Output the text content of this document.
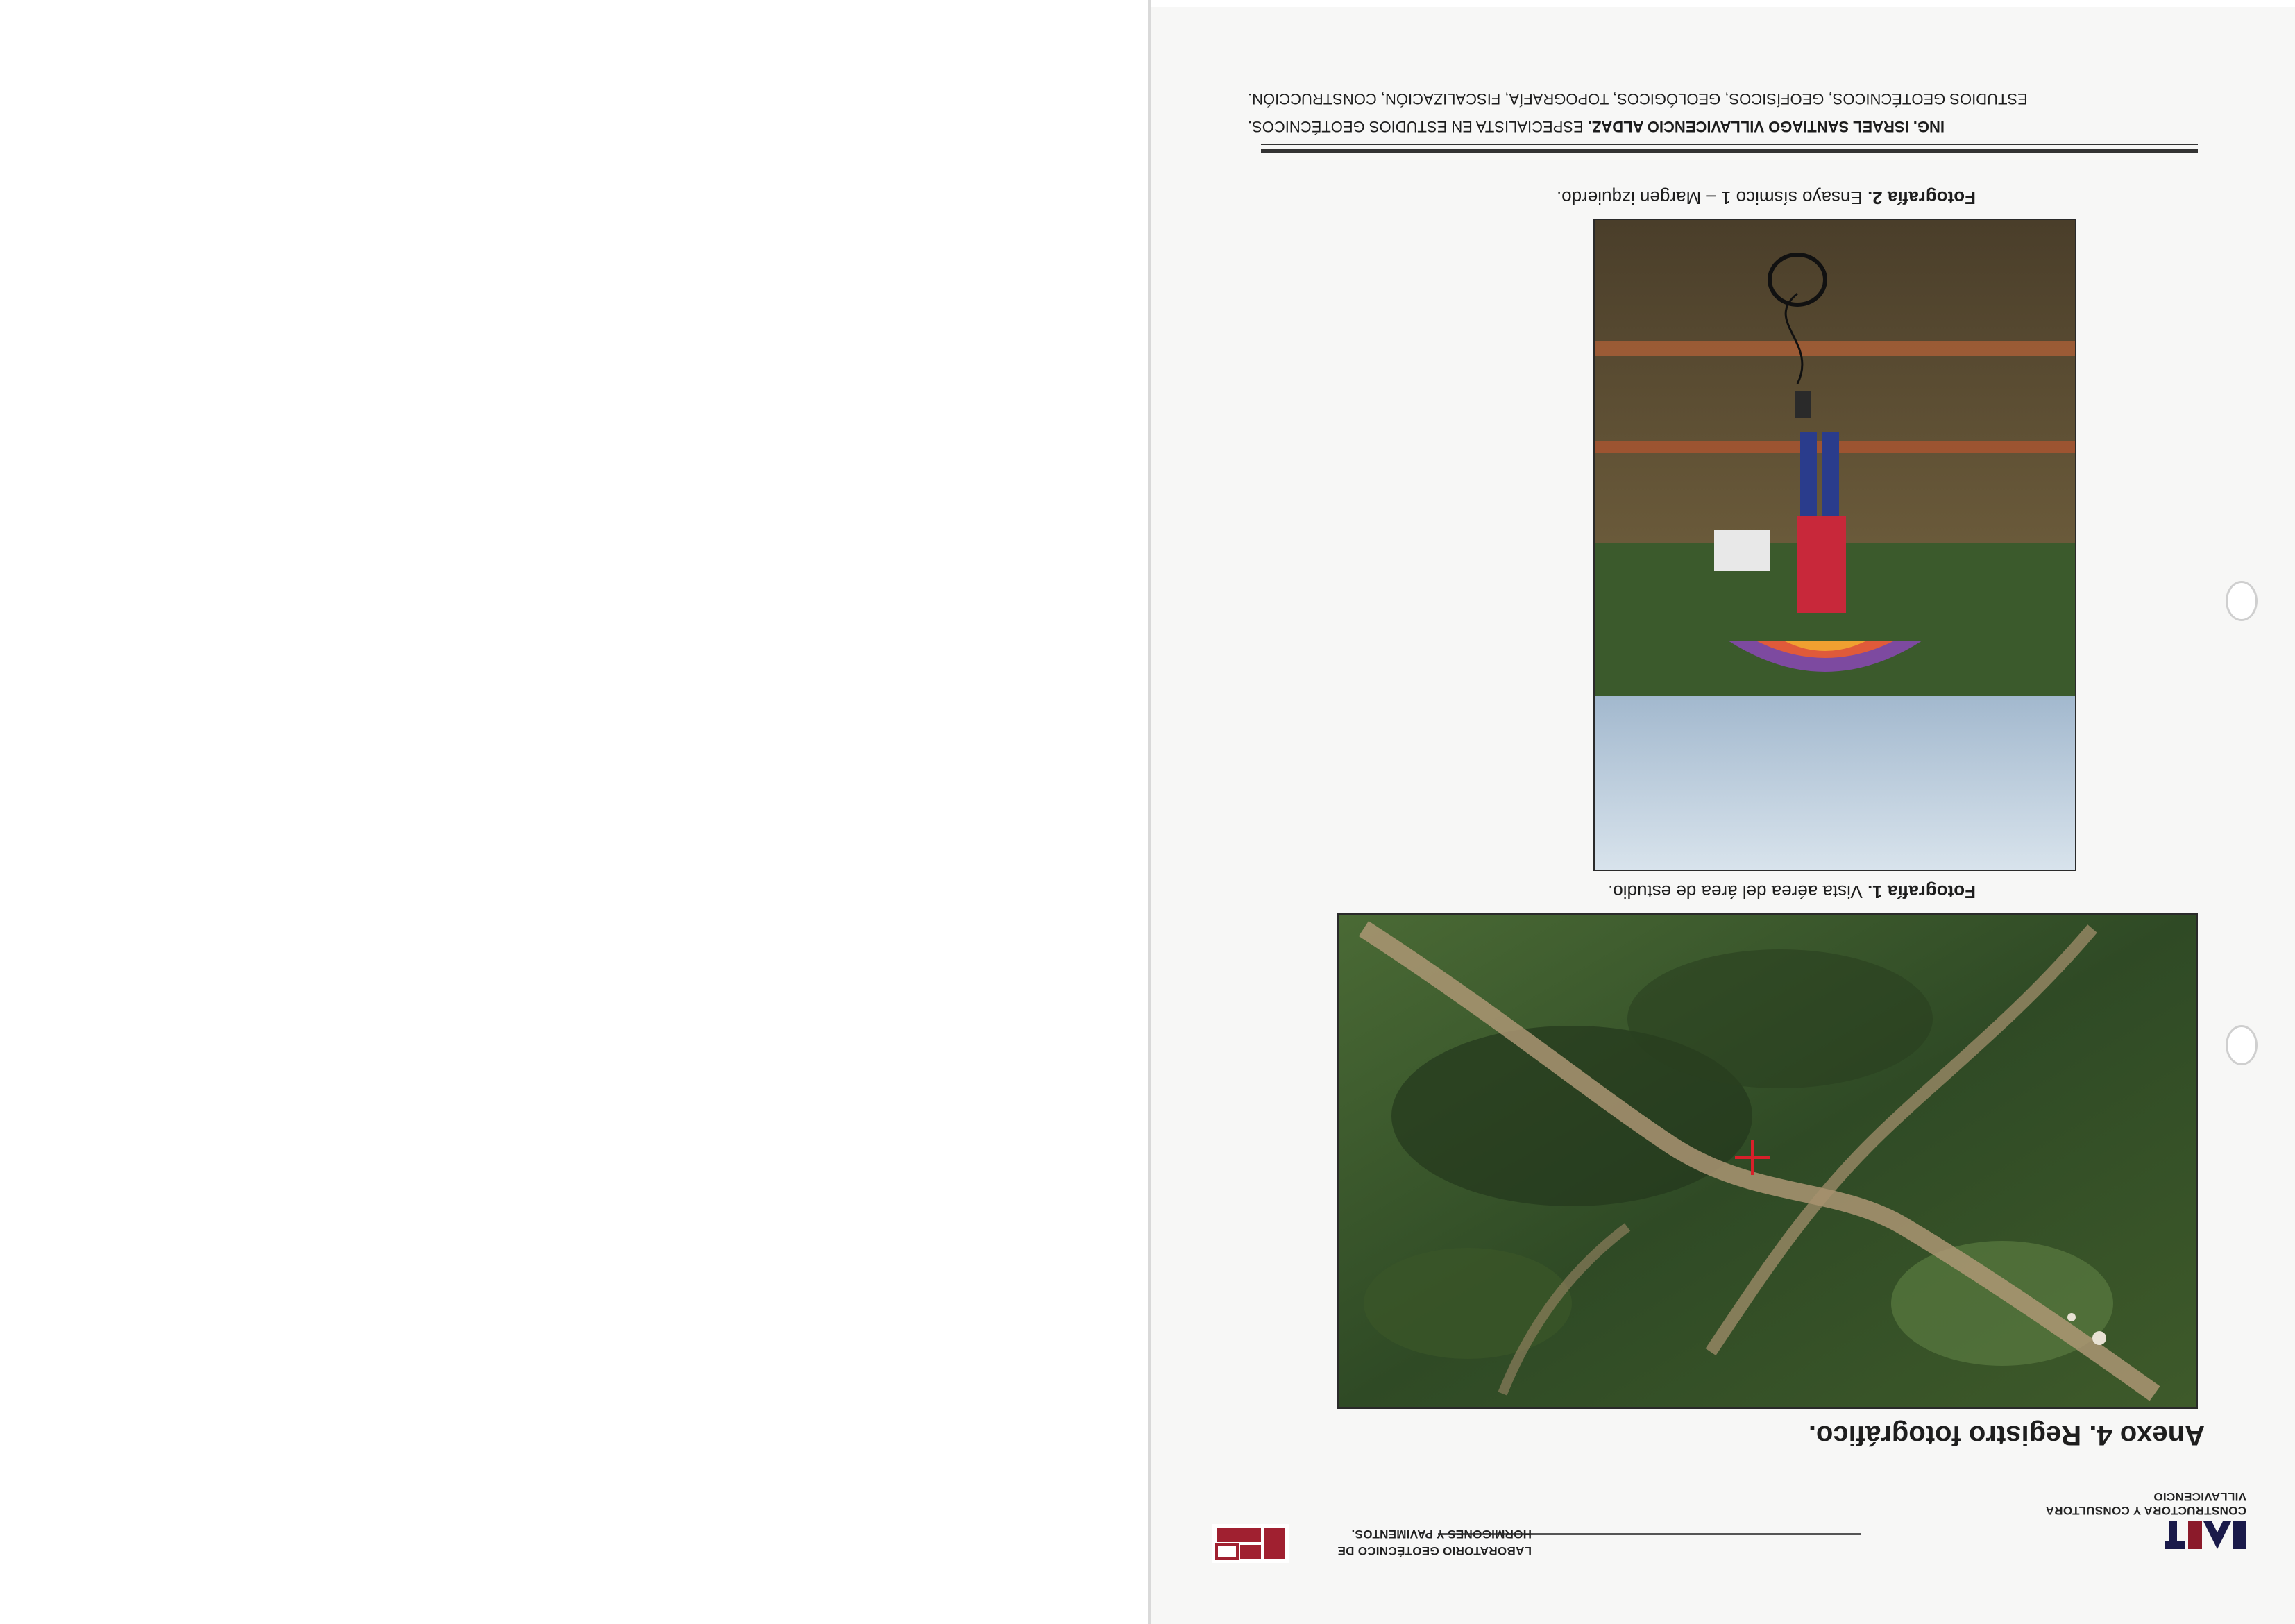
CONSTRUCTORA Y CONSULTORA VILLAVICENCIO
LABORATORIO GEOTÉCNICO DE
HORMIGONES Y PAVIMENTOS.
Anexo 4. Registro fotográfico.
Fotografía 1. Vista aérea del área de estudio.
Fotografía 2. Ensayo sísmico 1 – Margen izquierdo.
ING. ISRAEL SANTIAGO VILLAVICENCIO ALDAZ. ESPECIALISTA EN ESTUDIOS GEOTÉCNICOS.
ESTUDIOS GEOTÉCNICOS, GEOFÍSICOS, GEOLÓGICOS, TOPOGRAFÍA, FISCALIZACIÓN, CONSTRUCCIÓN.
